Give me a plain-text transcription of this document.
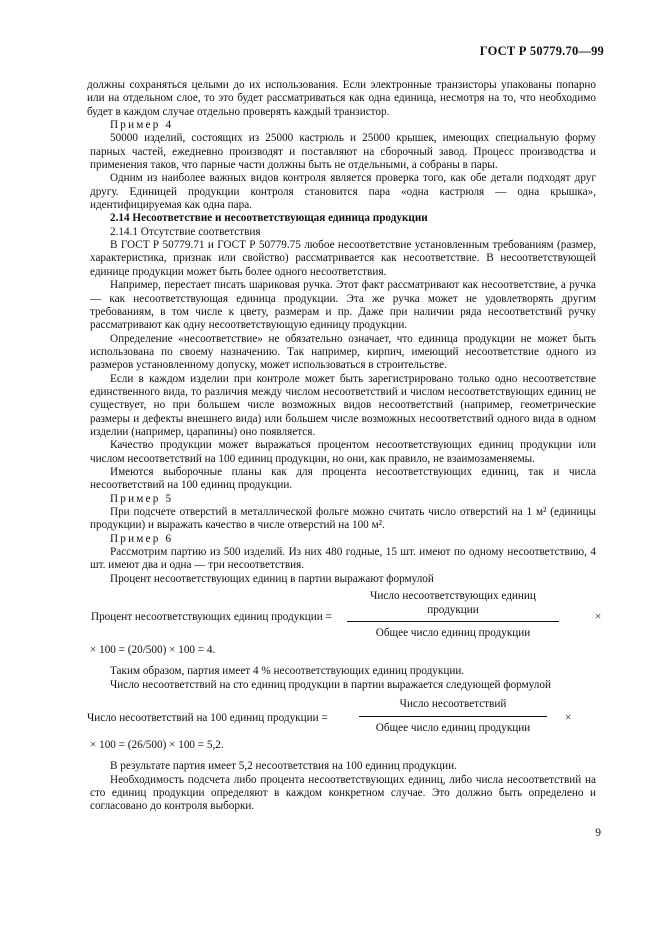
ГОСТ Р 50779.70—99

должны сохраняться целыми до их использования. Если электронные транзисторы упакованы попарно или на отдельном слое, то это будет рассматриваться как одна единица, несмотря на то, что необходимо будет в каждом случае отдельно проверять каждый транзистор.

Пример 4

50000 изделий, состоящих из 25000 кастрюль и 25000 крышек, имеющих специальную форму парных частей, ежедневно производят и поставляют на сборочный завод. Процесс производства и применения таков, что парные части должны быть не отдельными, а собраны в пары.

Одним из наиболее важных видов контроля является проверка того, как обе детали подходят друг другу. Единицей продукции контроля становится пара «одна кастрюля — одна крышка», идентифицируемая как одна пара.

2.14 Несоответствие и несоответствующая единица продукции

2.14.1 Отсутствие соответствия

В ГОСТ Р 50779.71 и ГОСТ Р 50779.75 любое несоответствие установленным требованиям (размер, характеристика, признак или свойство) рассматривается как несоответствие. В несоответствующей единице продукции может быть более одного несоответствия.

Например, перестает писать шариковая ручка. Этот факт рассматривают как несоответствие, а ручка — как несоответствующая единица продукции. Эта же ручка может не удовлетворять другим требованиям, в том числе к цвету, размерам и пр. Даже при наличии ряда несоответствий ручку рассматривают как одну несоответствующую единицу продукции.

Определение «несоответствие» не обязательно означает, что единица продукции не может быть использована по своему назначению. Так например, кирпич, имеющий несоответствие одного из размеров установленному допуску, может использоваться в строительстве.

Если в каждом изделии при контроле может быть зарегистрировано только одно несоответствие единственного вида, то различия между числом несоответствий и числом несоответствующих единиц не существует, но при большем числе возможных видов несоответствий (например, геометрические размеры и дефекты внешнего вида) или большем числе возможных несоответствий одного вида в одном изделии (например, царапины) оно появляется.

Качество продукции может выражаться процентом несоответствующих единиц продукции или числом несоответствий на 100 единиц продукции, но они, как правило, не взаимозаменяемы.

Имеются выборочные планы как для процента несоответствующих единиц, так и числа несоответствий на 100 единиц продукции.

Пример 5

При подсчете отверстий в металлической фольге можно считать число отверстий на 1 м² (единицы продукции) и выражать качество в числе отверстий на 100 м².

Пример 6

Рассмотрим партию из 500 изделий. Из них 480 годные, 15 шт. имеют по одному несоответствию, 4 шт. имеют два и одна — три несоответствия.

Процент несоответствующих единиц в партии выражают формулой

Процент несоответствующих единиц продукции =
Число несоответствующих единиц продукции
Общее число единиц продукции
×

× 100 = (20/500) × 100 = 4.

Таким образом, партия имеет 4 % несоответствующих единиц продукции.

Число несоответствий на сто единиц продукции в партии выражается следующей формулой

Число несоответствий на 100 единиц продукции =
Число несоответствий
Общее число единиц продукции
×

× 100 = (26/500) × 100 = 5,2.

В результате партия имеет 5,2 несоответствия на 100 единиц продукции.

Необходимость подсчета либо процента несоответствующих единиц, либо числа несоответствий на сто единиц продукции определяют в каждом конкретном случае. Это должно быть определено и согласовано до контроля выборки.

9
